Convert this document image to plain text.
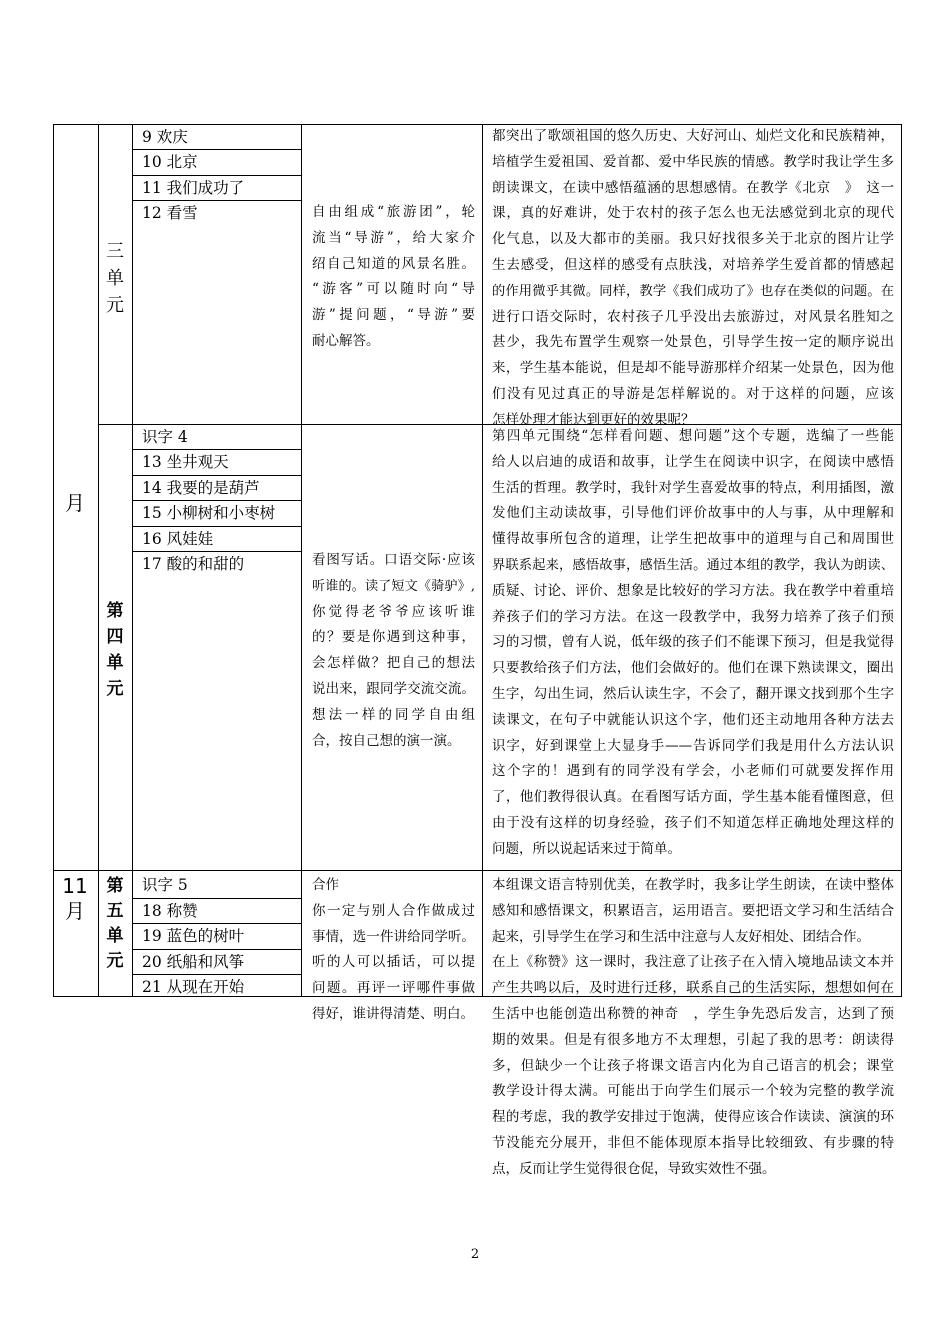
月
11
月
三
单
元
第
四
单
元
第
五
单
元
9 欢庆
10 北京
11 我们成功了
12 看雪
识字 4
13 坐井观天
14 我要的是葫芦
15 小柳树和小枣树
16 风娃娃
17 酸的和甜的
识字 5
18 称赞
19 蓝色的树叶
20 纸船和风筝
21 从现在开始
自由组成“旅游团”，轮
流当“导游”，给大家介
绍自己知道的风景名胜。
“游客”可以随时向“导
游”提问题，“导游”要
耐心解答。
看图写话。口语交际·应该
听谁的。读了短文《骑驴》,
你觉得老爷爷应该听谁
的？要是你遇到这种事，
会怎样做？把自己的想法
说出来，跟同学交流交流。
想法一样的同学自由组
合，按自己想的演一演。
合作
你一定与别人合作做成过
事情，选一件讲给同学听。
听的人可以插话，可以提
问题。再评一评哪件事做
得好，谁讲得清楚、明白。
都突出了歌颂祖国的悠久历史、大好河山、灿烂文化和民族精神，
培植学生爱祖国、爱首都、爱中华民族的情感。教学时我让学生多
朗读课文，在读中感悟蕴涵的思想感情。在教学《北京　》　这一
课，真的好难讲，处于农村的孩子怎么也无法感觉到北京的现代
化气息，以及大都市的美丽。我只好找很多关于北京的图片让学
生去感受，但这样的感受有点肤浅，对培养学生爱首都的情感起
的作用微乎其微。同样，教学《我们成功了》也存在类似的问题。在
进行口语交际时，农村孩子几乎没出去旅游过，对风景名胜知之
甚少，我先布置学生观察一处景色，引导学生按一定的顺序说出
来，学生基本能说，但是却不能导游那样介绍某一处景色，因为他
们没有见过真正的导游是怎样解说的。对于这样的问题，应该
怎样处理才能达到更好的效果呢？
第四单元围绕“怎样看问题、想问题”这个专题，选编了一些能
给人以启迪的成语和故事，让学生在阅读中识字，在阅读中感悟
生活的哲理。教学时，我针对学生喜爱故事的特点，利用插图，激
发他们主动读故事，引导他们评价故事中的人与事，从中理解和
懂得故事所包含的道理，让学生把故事中的道理与自己和周围世
界联系起来，感悟故事，感悟生活。通过本组的教学，我认为朗读、
质疑、讨论、评价、想象是比较好的学习方法。我在教学中着重培
养孩子们的学习方法。在这一段教学中，我努力培养了孩子们预
习的习惯，曾有人说，低年级的孩子们不能课下预习，但是我觉得
只要教给孩子们方法，他们会做好的。他们在课下熟读课文，圈出
生字，勾出生词，然后认读生字，不会了，翻开课文找到那个生字
读课文，在句子中就能认识这个字，他们还主动地用各种方法去
识字，好到课堂上大显身手——告诉同学们我是用什么方法认识
这个字的！遇到有的同学没有学会，小老师们可就要发挥作用
了，他们教得很认真。在看图写话方面，学生基本能看懂图意，但
由于没有这样的切身经验，孩子们不知道怎样正确地处理这样的
问题，所以说起话来过于简单。
本组课文语言特别优美，在教学时，我多让学生朗读，在读中整体
感知和感悟课文，积累语言，运用语言。要把语文学习和生活结合
起来，引导学生在学习和生活中注意与人友好相处、团结合作。
在上《称赞》这一课时，我注意了让孩子在入情入境地品读文本并
产生共鸣以后，及时进行迁移，联系自己的生活实际，想想如何在
生活中也能创造出称赞的神奇　，学生争先恐后发言，达到了预
期的效果。但是有很多地方不太理想，引起了我的思考：朗读得
多，但缺少一个让孩子将课文语言内化为自己语言的机会；课堂
教学设计得太满。可能出于向学生们展示一个较为完整的教学流
程的考虑，我的教学安排过于饱满，使得应该合作读读、演演的环
节没能充分展开，非但不能体现原本指导比较细致、有步骤的特
点，反而让学生觉得很仓促，导致实效性不强。
2
